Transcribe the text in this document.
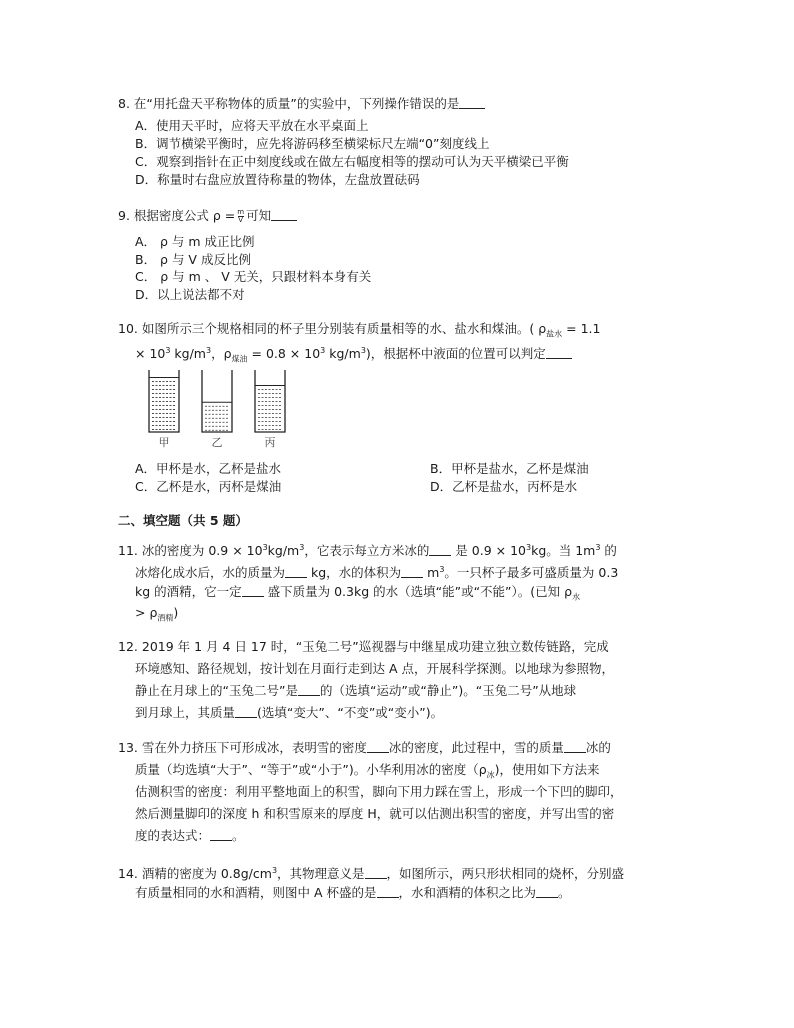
8. 在“用托盘天平称物体的质量”的实验中，下列操作错误的是
A．使用天平时，应将天平放在水平桌面上
B．调节横梁平衡时，应先将游码移至横梁标尺左端“0”刻度线上
C．观察到指针在正中刻度线或在做左右幅度相等的摆动可认为天平横梁已平衡
D．称量时右盘应放置待称量的物体，左盘放置砝码
9. 根据密度公式 $\rho = \frac{m}{V}$ 可知
A． ρ 与 m 成正比例
B． ρ 与 V 成反比例
C． ρ 与 m 、 V 无关，只跟材料本身有关
D．以上说法都不对
10. 如图所示三个规格相同的杯子里分别装有质量相等的水、盐水和煤油。( $\rho_{盐水} = 1.1$
× $10^3$ $kg/m^3$，$\rho_{煤油} = 0.8 \times 10^3$ $kg/m^3$)，根据杯中液面的位置可以判定
甲	乙	丙
A．甲杯是水，乙杯是盐水	B．甲杯是盐水，乙杯是煤油
C．乙杯是水，丙杯是煤油	D．乙杯是盐水，丙杯是水
二、填空题（共 5 题）
11. 冰的密度为 $0.9 \times 10^3kg/m^3$，它表示每立方米冰的 是 $0.9 \times 10^3kg$。当 $1m^3$ 的
冰熔化成水后，水的质量为 kg，水的体积为 $m^3$。一只杯子最多可盛质量为 0.3
kg 的酒精，它一定 盛下质量为 0.3kg 的水（选填“能”或“不能”）。(已知 $\rho_水$
> $\rho_{酒精}$)
12. 2019 年 1 月 4 日 17 时，“玉兔二号”巡视器与中继星成功建立独立数传链路，完成
环境感知、路径规划，按计划在月面行走到达 A 点，开展科学探测。以地球为参照物，
静止在月球上的“玉兔二号”是 的（选填“运动”或“静止”)。“玉兔二号”从地球
到月球上，其质量 (选填“变大”、“不变”或“变小”)。
13. 雪在外力挤压下可形成冰，表明雪的密度 冰的密度，此过程中，雪的质量 冰的
质量（均选填“大于”、“等于”或“小于”)。小华利用冰的密度$(\rho_冰)$，使用如下方法来
估测积雪的密度：利用平整地面上的积雪，脚向下用力踩在雪上，形成一个下凹的脚印，
然后测量脚印的深度 h 和积雪原来的厚度 H，就可以估测出积雪的密度，并写出雪的密
度的表达式： 。
14. 酒精的密度为 $0.8g/cm^3$，其物理意义是 ，如图所示，两只形状相同的烧杯，分别盛
有质量相同的水和酒精，则图中 A 杯盛的是 ，水和酒精的体积之比为 。
